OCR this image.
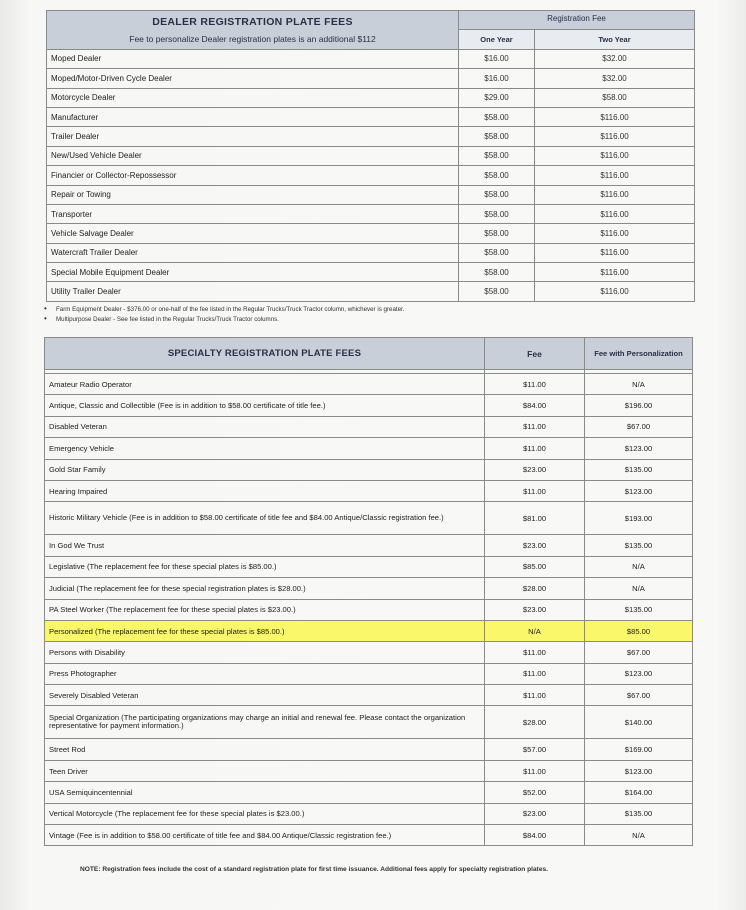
DEALER REGISTRATION PLATE FEES	Registration Fee	
Fee to personalize Dealer registration plates is an additional $112	One Year	Two Year
Moped Dealer	$16.00	$32.00
Moped/Motor-Driven Cycle Dealer	$16.00	$32.00
Motorcycle Dealer	$29.00	$58.00
Manufacturer	$58.00	$116.00
Trailer Dealer	$58.00	$116.00
New/Used Vehicle Dealer	$58.00	$116.00
Financier or Collector-Repossessor	$58.00	$116.00
Repair or Towing	$58.00	$116.00
Transporter	$58.00	$116.00
Vehicle Salvage Dealer	$58.00	$116.00
Watercraft Trailer Dealer	$58.00	$116.00
Special Mobile Equipment Dealer	$58.00	$116.00
Utility Trailer Dealer	$58.00	$116.00
• Farm Equipment Dealer - $376.00 or one-half of the fee listed in the Regular Trucks/Truck Tractor column, whichever is greater.
• Multipurpose Dealer - See fee listed in the Regular Trucks/Truck Tractor columns.
SPECIALTY REGISTRATION PLATE FEES	Fee	Fee with Personalization

Amateur Radio Operator	$11.00	N/A
Antique, Classic and Collectible (Fee is in addition to $58.00 certificate of title fee.)	$84.00	$196.00
Disabled Veteran	$11.00	$67.00
Emergency Vehicle	$11.00	$123.00
Gold Star Family	$23.00	$135.00
Hearing Impaired	$11.00	$123.00
Historic Military Vehicle (Fee is in addition to $58.00 certificate of title fee and $84.00 Antique/Classic registration fee.)	$81.00	$193.00
In God We Trust	$23.00	$135.00
Legislative (The replacement fee for these special plates is $85.00.)	$85.00	N/A
Judicial (The replacement fee for these special registration plates is $28.00.)	$28.00	N/A
PA Steel Worker (The replacement fee for these special plates is $23.00.)	$23.00	$135.00
Personalized (The replacement fee for these special plates is $85.00.)	N/A	$85.00
Persons with Disability	$11.00	$67.00
Press Photographer	$11.00	$123.00
Severely Disabled Veteran	$11.00	$67.00
Special Organization (The participating organizations may charge an initial and renewal fee. Please contact the organization representative for payment information.)	$28.00	$140.00
Street Rod	$57.00	$169.00
Teen Driver	$11.00	$123.00
USA Semiquincentennial	$52.00	$164.00
Vertical Motorcycle (The replacement fee for these special plates is $23.00.)	$23.00	$135.00
Vintage (Fee is in addition to $58.00 certificate of title fee and $84.00 Antique/Classic registration fee.)	$84.00	N/A
NOTE: Registration fees include the cost of a standard registration plate for first time issuance. Additional fees apply for specialty registration plates.
